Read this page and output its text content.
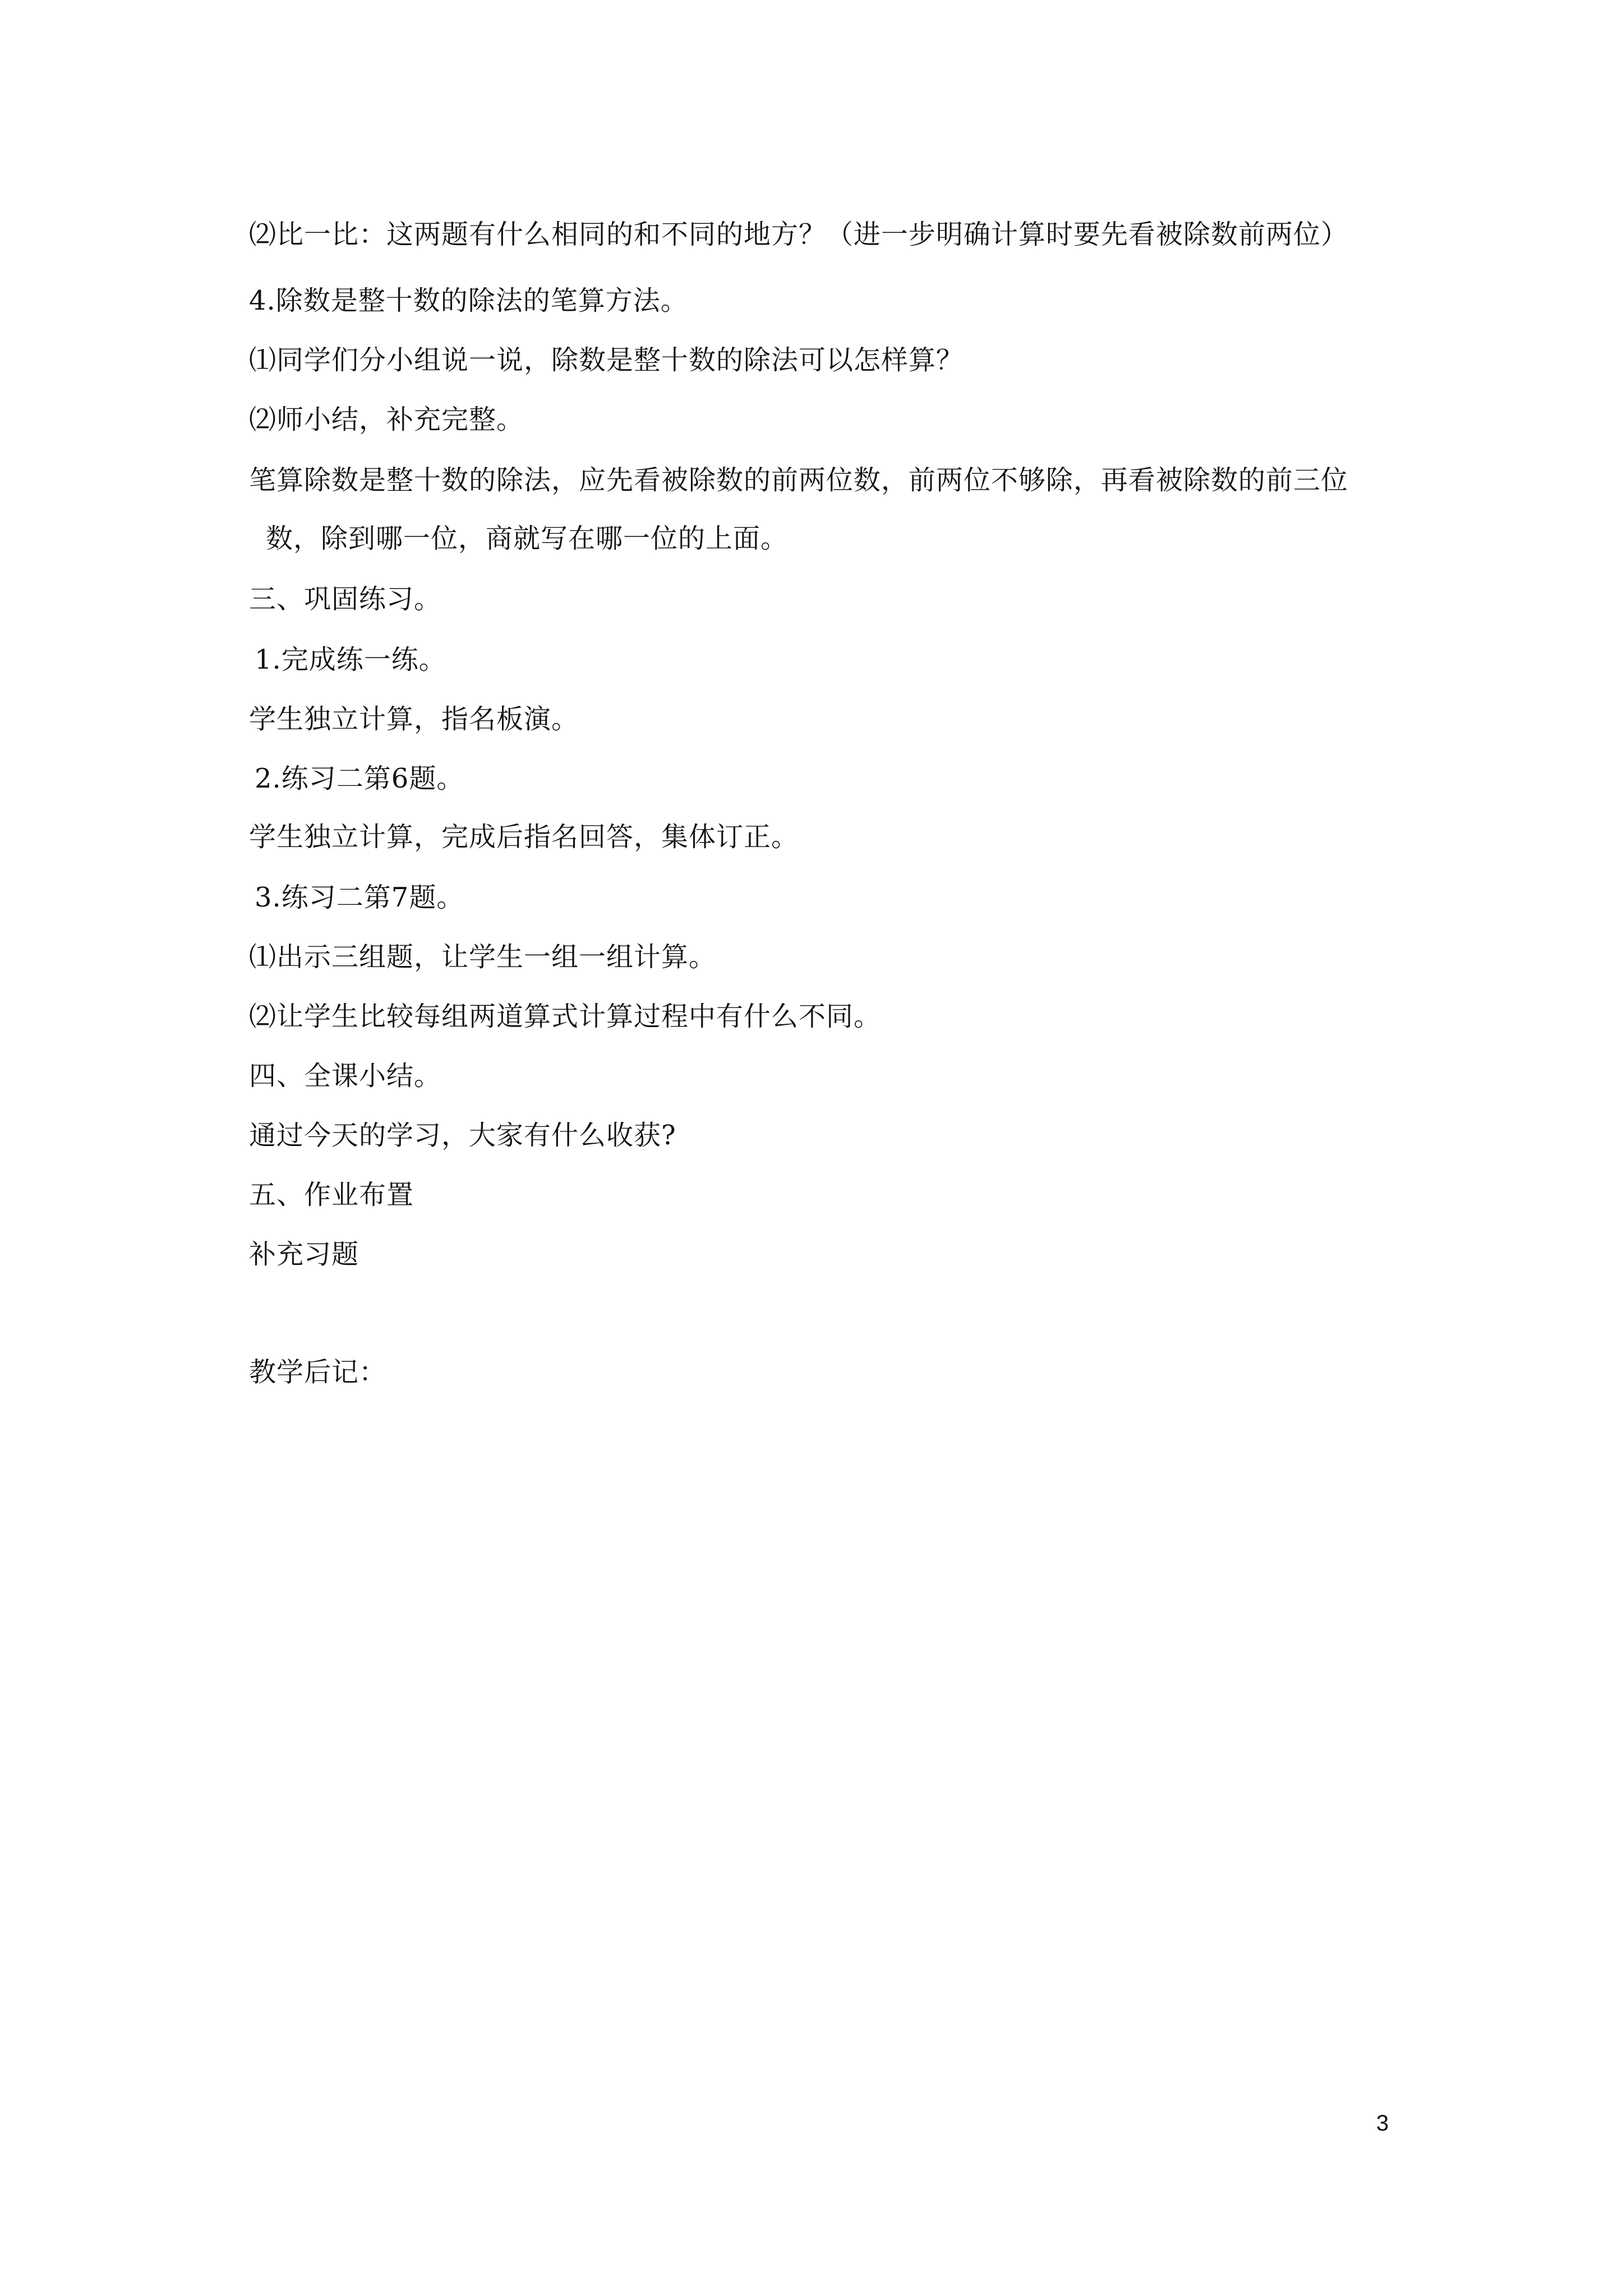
⑵比一比：这两题有什么相同的和不同的地方？（进一步明确计算时要先看被除数前两位）
4.除数是整十数的除法的笔算方法。
⑴同学们分小组说一说，除数是整十数的除法可以怎样算？
⑵师小结，补充完整。
笔算除数是整十数的除法，应先看被除数的前两位数，前两位不够除，再看被除数的前三位
数，除到哪一位，商就写在哪一位的上面。
三、巩固练习。
1.完成练一练。
学生独立计算，指名板演。
2.练习二第6题。
学生独立计算，完成后指名回答，集体订正。
3.练习二第7题。
⑴出示三组题，让学生一组一组计算。
⑵让学生比较每组两道算式计算过程中有什么不同。
四、全课小结。
通过今天的学习，大家有什么收获?
五、作业布置
补充习题
教学后记：
3
